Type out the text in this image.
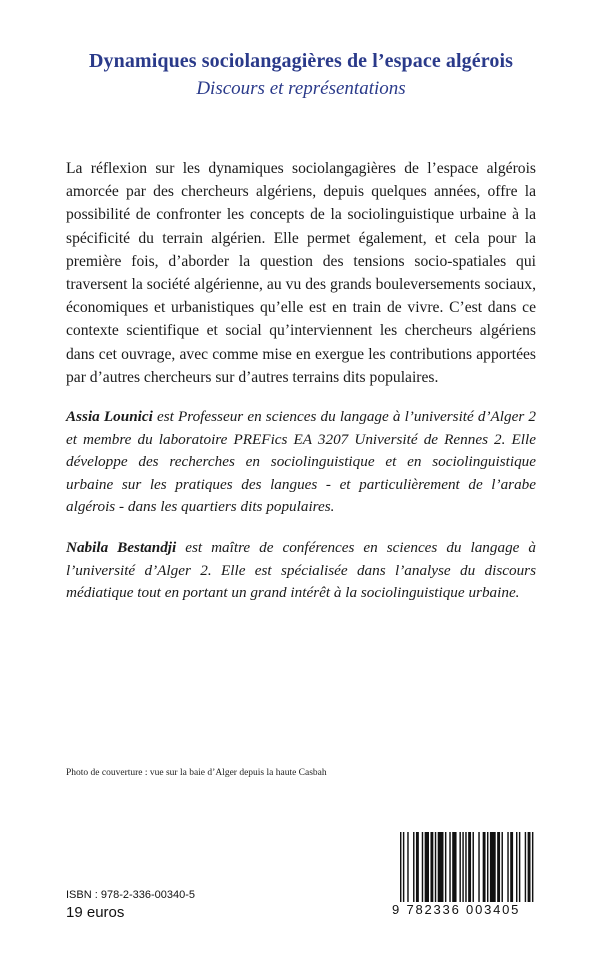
Dynamiques sociolangagières de l’espace algérois
Discours et représentations
La réflexion sur les dynamiques sociolangagières de l’espace algérois amorcée par des chercheurs algériens, depuis quelques années, offre la possibilité de confronter les concepts de la sociolinguistique urbaine à la spécificité du terrain algérien. Elle permet également, et cela pour la première fois, d’aborder la question des tensions socio-spatiales qui traversent la société algérienne, au vu des grands bouleversements sociaux, économiques et urbanistiques qu’elle est en train de vivre. C’est dans ce contexte scientifique et social qu’interviennent les chercheurs algériens dans cet ouvrage, avec comme mise en exergue les contributions apportées par d’autres chercheurs sur d’autres terrains dits populaires.
Assia Lounici est Professeur en sciences du langage à l’université d’Alger 2 et membre du laboratoire PREFics EA 3207 Université de Rennes 2. Elle développe des recherches en sociolinguistique et en sociolinguistique urbaine sur les pratiques des langues - et particulièrement de l’arabe algérois - dans les quartiers dits populaires.
Nabila Bestandji est maître de conférences en sciences du langage à l’université d’Alger 2. Elle est spécialisée dans l’analyse du discours médiatique tout en portant un grand intérêt à la sociolinguistique urbaine.
Photo de couverture : vue sur la baie d’Alger depuis la haute Casbah
ISBN : 978-2-336-00340-5
19 euros	9 782336 003405
